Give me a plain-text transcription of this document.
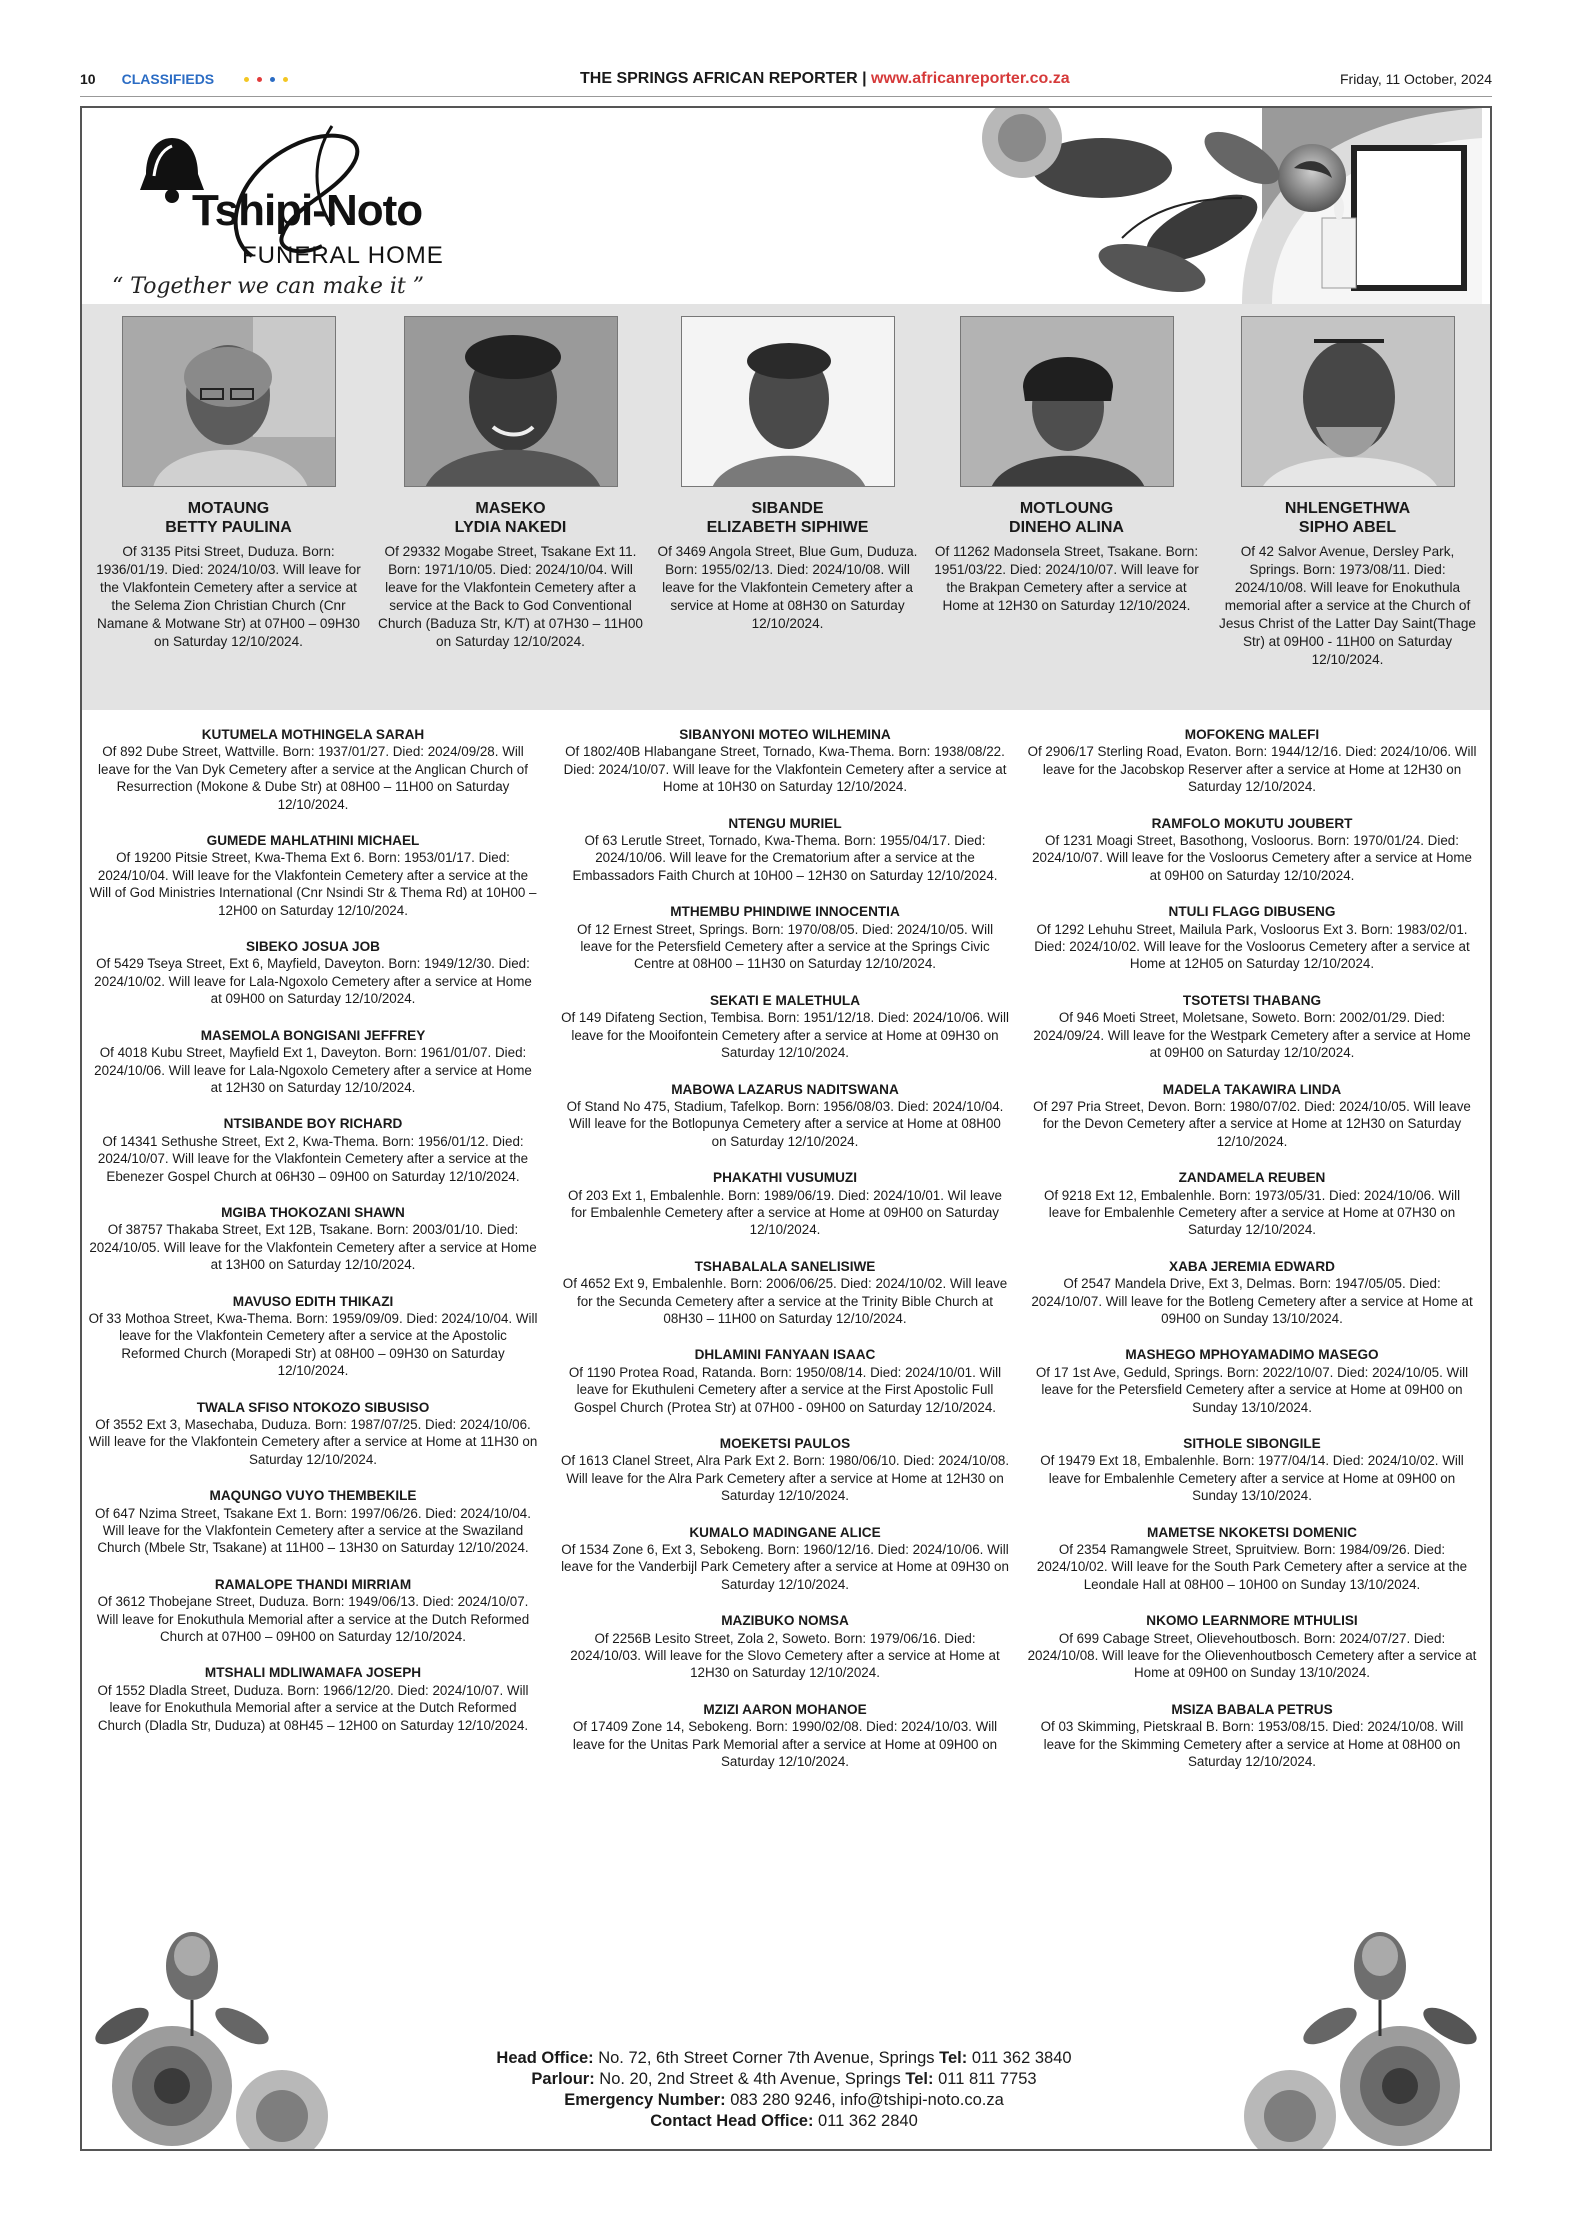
10 CLASSIFIEDS	THE SPRINGS AFRICAN REPORTER | www.africanreporter.co.za	Friday, 11 October, 2024
Tshipi-Noto
FUNERAL HOME
“ Together we can make it ”
MOTAUNG
BETTY PAULINA
Of 3135 Pitsi Street, Duduza. Born: 1936/01/19. Died: 2024/10/03. Will leave for the Vlakfontein Cemetery after a service at the Selema Zion Christian Church (Cnr Namane & Motwane Str) at 07H00 – 09H30 on Saturday 12/10/2024.
MASEKO
LYDIA NAKEDI
Of 29332 Mogabe Street, Tsakane Ext 11. Born: 1971/10/05. Died: 2024/10/04. Will leave for the Vlakfontein Cemetery after a service at the Back to God Conventional Church (Baduza Str, K/T) at 07H30 – 11H00 on Saturday 12/10/2024.
SIBANDE
ELIZABETH SIPHIWE
Of 3469 Angola Street, Blue Gum, Duduza. Born: 1955/02/13. Died: 2024/10/08. Will leave for the Vlakfontein Cemetery after a service at Home at 08H30 on Saturday 12/10/2024.
MOTLOUNG
DINEHO ALINA
Of 11262 Madonsela Street, Tsakane. Born: 1951/03/22. Died: 2024/10/07. Will leave for the Brakpan Cemetery after a service at Home at 12H30 on Saturday 12/10/2024.
NHLENGETHWA
SIPHO ABEL
Of 42 Salvor Avenue, Dersley Park, Springs. Born: 1973/08/11. Died: 2024/10/08. Will leave for Enokuthula memorial after a service at the Church of Jesus Christ of the Latter Day Saint(Thage Str) at 09H00 - 11H00 on Saturday 12/10/2024.
KUTUMELA MOTHINGELA SARAH
Of 892 Dube Street, Wattville. Born: 1937/01/27. Died: 2024/09/28. Will leave for the Van Dyk Cemetery after a service at the Anglican Church of Resurrection (Mokone & Dube Str) at 08H00 – 11H00 on Saturday 12/10/2024.
GUMEDE MAHLATHINI MICHAEL
Of 19200 Pitsie Street, Kwa-Thema Ext 6. Born: 1953/01/17. Died: 2024/10/04. Will leave for the Vlakfontein Cemetery after a service at the Will of God Ministries International (Cnr Nsindi Str & Thema Rd) at 10H00 – 12H00 on Saturday 12/10/2024.
SIBEKO JOSUA JOB
Of 5429 Tseya Street, Ext 6, Mayfield, Daveyton. Born: 1949/12/30. Died: 2024/10/02. Will leave for Lala-Ngoxolo Cemetery after a service at Home at 09H00 on Saturday 12/10/2024.
MASEMOLA BONGISANI JEFFREY
Of 4018 Kubu Street, Mayfield Ext 1, Daveyton. Born: 1961/01/07. Died: 2024/10/06. Will leave for Lala-Ngoxolo Cemetery after a service at Home at 12H30 on Saturday 12/10/2024.
NTSIBANDE BOY RICHARD
Of 14341 Sethushe Street, Ext 2, Kwa-Thema. Born: 1956/01/12. Died: 2024/10/07. Will leave for the Vlakfontein Cemetery after a service at the Ebenezer Gospel Church at 06H30 – 09H00 on Saturday 12/10/2024.
MGIBA THOKOZANI SHAWN
Of 38757 Thakaba Street, Ext 12B, Tsakane. Born: 2003/01/10. Died: 2024/10/05. Will leave for the Vlakfontein Cemetery after a service at Home at 13H00 on Saturday 12/10/2024.
MAVUSO EDITH THIKAZI
Of 33 Mothoa Street, Kwa-Thema. Born: 1959/09/09. Died: 2024/10/04. Will leave for the Vlakfontein Cemetery after a service at the Apostolic Reformed Church (Morapedi Str) at 08H00 – 09H30 on Saturday 12/10/2024.
TWALA SFISO NTOKOZO SIBUSISO
Of 3552 Ext 3, Masechaba, Duduza. Born: 1987/07/25. Died: 2024/10/06. Will leave for the Vlakfontein Cemetery after a service at Home at 11H30 on Saturday 12/10/2024.
MAQUNGO VUYO THEMBEKILE
Of 647 Nzima Street, Tsakane Ext 1. Born: 1997/06/26. Died: 2024/10/04. Will leave for the Vlakfontein Cemetery after a service at the Swaziland Church (Mbele Str, Tsakane) at 11H00 – 13H30 on Saturday 12/10/2024.
RAMALOPE THANDI MIRRIAM
Of 3612 Thobejane Street, Duduza. Born: 1949/06/13. Died: 2024/10/07. Will leave for Enokuthula Memorial after a service at the Dutch Reformed Church at 07H00 – 09H00 on Saturday 12/10/2024.
MTSHALI MDLIWAMAFA JOSEPH
Of 1552 Dladla Street, Duduza. Born: 1966/12/20. Died: 2024/10/07. Will leave for Enokuthula Memorial after a service at the Dutch Reformed Church (Dladla Str, Duduza) at 08H45 – 12H00 on Saturday 12/10/2024.
SIBANYONI MOTEO WILHEMINA
Of 1802/40B Hlabangane Street, Tornado, Kwa-Thema. Born: 1938/08/22. Died: 2024/10/07. Will leave for the Vlakfontein Cemetery after a service at Home at 10H30 on Saturday 12/10/2024.
NTENGU MURIEL
Of 63 Lerutle Street, Tornado, Kwa-Thema. Born: 1955/04/17. Died: 2024/10/06. Will leave for the Crematorium after a service at the Embassadors Faith Church at 10H00 – 12H30 on Saturday 12/10/2024.
MTHEMBU PHINDIWE INNOCENTIA
Of 12 Ernest Street, Springs. Born: 1970/08/05. Died: 2024/10/05. Will leave for the Petersfield Cemetery after a service at the Springs Civic Centre at 08H00 – 11H30 on Saturday 12/10/2024.
SEKATI E MALETHULA
Of 149 Difateng Section, Tembisa. Born: 1951/12/18. Died: 2024/10/06. Will leave for the Mooifontein Cemetery after a service at Home at 09H30 on Saturday 12/10/2024.
MABOWA LAZARUS NADITSWANA
Of Stand No 475, Stadium, Tafelkop. Born: 1956/08/03. Died: 2024/10/04. Will leave for the Botlopunya Cemetery after a service at Home at 08H00 on Saturday 12/10/2024.
PHAKATHI VUSUMUZI
Of 203 Ext 1, Embalenhle. Born: 1989/06/19. Died: 2024/10/01. Wil leave for Embalenhle Cemetery after a service at Home at 09H00 on Saturday 12/10/2024.
TSHABALALA SANELISIWE
Of 4652 Ext 9, Embalenhle. Born: 2006/06/25. Died: 2024/10/02. Will leave for the Secunda Cemetery after a service at the Trinity Bible Church at 08H30 – 11H00 on Saturday 12/10/2024.
DHLAMINI FANYAAN ISAAC
Of 1190 Protea Road, Ratanda. Born: 1950/08/14. Died: 2024/10/01. Will leave for Ekuthuleni Cemetery after a service at the First Apostolic Full Gospel Church (Protea Str) at 07H00 - 09H00 on Saturday 12/10/2024.
MOEKETSI PAULOS
Of 1613 Clanel Street, Alra Park Ext 2. Born: 1980/06/10. Died: 2024/10/08. Will leave for the Alra Park Cemetery after a service at Home at 12H30 on Saturday 12/10/2024.
KUMALO MADINGANE ALICE
Of 1534 Zone 6, Ext 3, Sebokeng. Born: 1960/12/16. Died: 2024/10/06. Will leave for the Vanderbijl Park Cemetery after a service at Home at 09H30 on Saturday 12/10/2024.
MAZIBUKO NOMSA
Of 2256B Lesito Street, Zola 2, Soweto. Born: 1979/06/16. Died: 2024/10/03. Will leave for the Slovo Cemetery after a service at Home at 12H30 on Saturday 12/10/2024.
MZIZI AARON MOHANOE
Of 17409 Zone 14, Sebokeng. Born: 1990/02/08. Died: 2024/10/03. Will leave for the Unitas Park Memorial after a service at Home at 09H00 on Saturday 12/10/2024.
MOFOKENG MALEFI
Of 2906/17 Sterling Road, Evaton. Born: 1944/12/16. Died: 2024/10/06. Will leave for the Jacobskop Reserver after a service at Home at 12H30 on Saturday 12/10/2024.
RAMFOLO MOKUTU JOUBERT
Of 1231 Moagi Street, Basothong, Vosloorus. Born: 1970/01/24. Died: 2024/10/07. Will leave for the Vosloorus Cemetery after a service at Home at 09H00 on Saturday 12/10/2024.
NTULI FLAGG DIBUSENG
Of 1292 Lehuhu Street, Mailula Park, Vosloorus Ext 3. Born: 1983/02/01. Died: 2024/10/02. Will leave for the Vosloorus Cemetery after a service at Home at 12H05 on Saturday 12/10/2024.
TSOTETSI THABANG
Of 946 Moeti Street, Moletsane, Soweto. Born: 2002/01/29. Died: 2024/09/24. Will leave for the Westpark Cemetery after a service at Home at 09H00 on Saturday 12/10/2024.
MADELA TAKAWIRA LINDA
Of 297 Pria Street, Devon. Born: 1980/07/02. Died: 2024/10/05. Will leave for the Devon Cemetery after a service at Home at 12H30 on Saturday 12/10/2024.
ZANDAMELA REUBEN
Of 9218 Ext 12, Embalenhle. Born: 1973/05/31. Died: 2024/10/06. Will leave for Embalenhle Cemetery after a service at Home at 07H30 on Saturday 12/10/2024.
XABA JEREMIA EDWARD
Of 2547 Mandela Drive, Ext 3, Delmas. Born: 1947/05/05. Died: 2024/10/07. Will leave for the Botleng Cemetery after a service at Home at 09H00 on Sunday 13/10/2024.
MASHEGO MPHOYAMADIMO MASEGO
Of 17 1st Ave, Geduld, Springs. Born: 2022/10/07. Died: 2024/10/05. Will leave for the Petersfield Cemetery after a service at Home at 09H00 on Sunday 13/10/2024.
SITHOLE SIBONGILE
Of 19479 Ext 18, Embalenhle. Born: 1977/04/14. Died: 2024/10/02. Will leave for Embalenhle Cemetery after a service at Home at 09H00 on Sunday 13/10/2024.
MAMETSE NKOKETSI DOMENIC
Of 2354 Ramangwele Street, Spruitview. Born: 1984/09/26. Died: 2024/10/02. Will leave for the South Park Cemetery after a service at the Leondale Hall at 08H00 – 10H00 on Sunday 13/10/2024.
NKOMO LEARNMORE MTHULISI
Of 699 Cabage Street, Olievehoutbosch. Born: 2024/07/27. Died: 2024/10/08. Will leave for the Olievenhoutbosch Cemetery after a service at Home at 09H00 on Sunday 13/10/2024.
MSIZA BABALA PETRUS
Of 03 Skimming, Pietskraal B. Born: 1953/08/15. Died: 2024/10/08. Will leave for the Skimming Cemetery after a service at Home at 08H00 on Saturday 12/10/2024.
Head Office: No. 72, 6th Street Corner 7th Avenue, Springs Tel: 011 362 3840
Parlour: No. 20, 2nd Street & 4th Avenue, Springs Tel: 011 811 7753
Emergency Number: 083 280 9246, info@tshipi-noto.co.za
Contact Head Office: 011 362 2840
